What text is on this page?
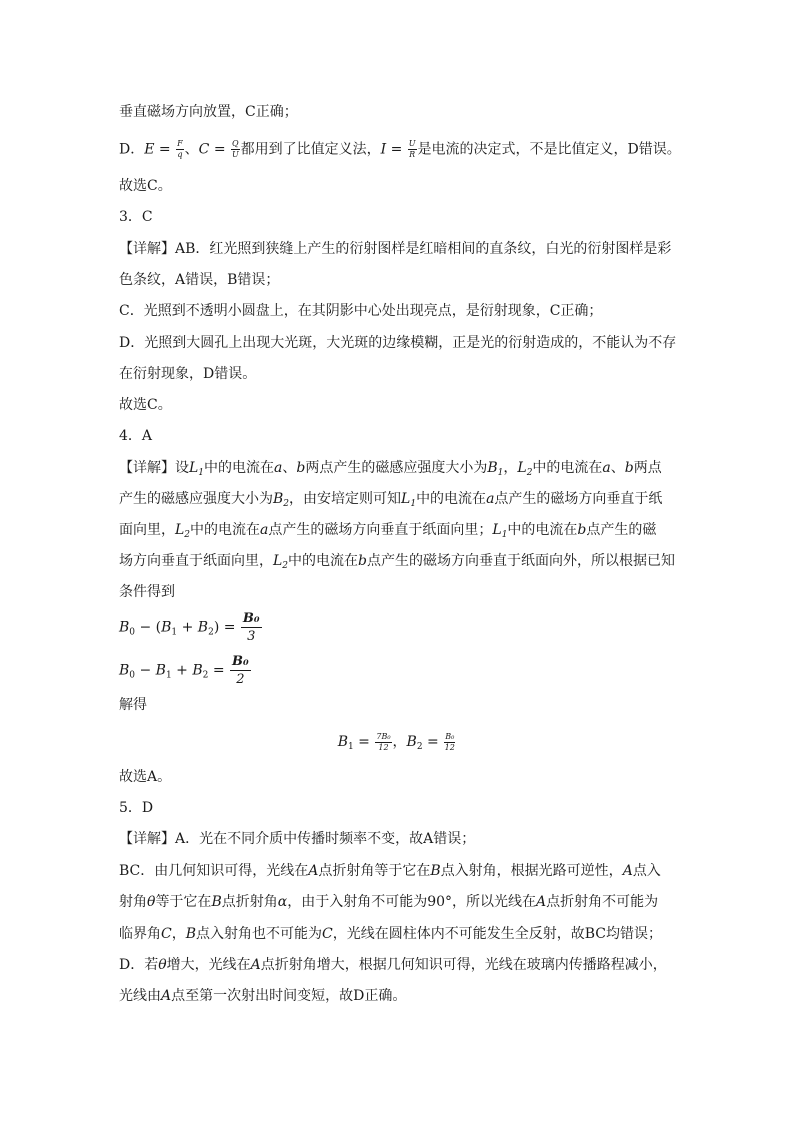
垂直磁场方向放置，C正确；
D．$E = \frac{F}{q}$ 、$C = \frac{Q}{U}$ 都用到了比值定义法，$I = \frac{U}{R}$ 是电流的决定式，不是比值定义，D错误。
故选C。
3．C
【详解】AB．红光照到狭缝上产生的衍射图样是红暗相间的直条纹，白光的衍射图样是彩
色条纹，A错误，B错误；
C．光照到不透明小圆盘上，在其阴影中心处出现亮点，是衍射现象，C正确；
D．光照到大圆孔上出现大光斑，大光斑的边缘模糊，正是光的衍射造成的，不能认为不存
在衍射现象，D错误。
故选C。
4．A
【详解】设$L_1$中的电流在a、b两点产生的磁感应强度大小为$B_1$，$L_2$中的电流在a、b两点
产生的磁感应强度大小为$B_2$，由安培定则可知$L_1$中的电流在a点产生的磁场方向垂直于纸
面向里，$L_2$中的电流在a点产生的磁场方向垂直于纸面向里；$L_1$中的电流在b点产生的磁
场方向垂直于纸面向里，$L_2$中的电流在b点产生的磁场方向垂直于纸面向外，所以根据已知
条件得到
$B_0 - (B_1 + B_2) = \frac{\text{B₀}}{3}$
$B_0 - B_1 + B_2 = \frac{\text{B₀}}{2}$
解得
$B_1 = \frac{\text{7B₀}}{12}$ ，$B_2 = \frac{\text{B₀}}{12}$
故选A。
5．D
【详解】A．光在不同介质中传播时频率不变，故A错误；
BC．由几何知识可得，光线在A点折射角等于它在B点入射角，根据光路可逆性，A点入
射角θ等于它在B点折射角α，由于入射角不可能为90°，所以光线在A点折射角不可能为
临界角C，B点入射角也不可能为C，光线在圆柱体内不可能发生全反射，故BC均错误；
D．若θ增大，光线在A点折射角增大，根据几何知识可得，光线在玻璃内传播路程减小，
光线由A点至第一次射出时间变短，故D正确。
